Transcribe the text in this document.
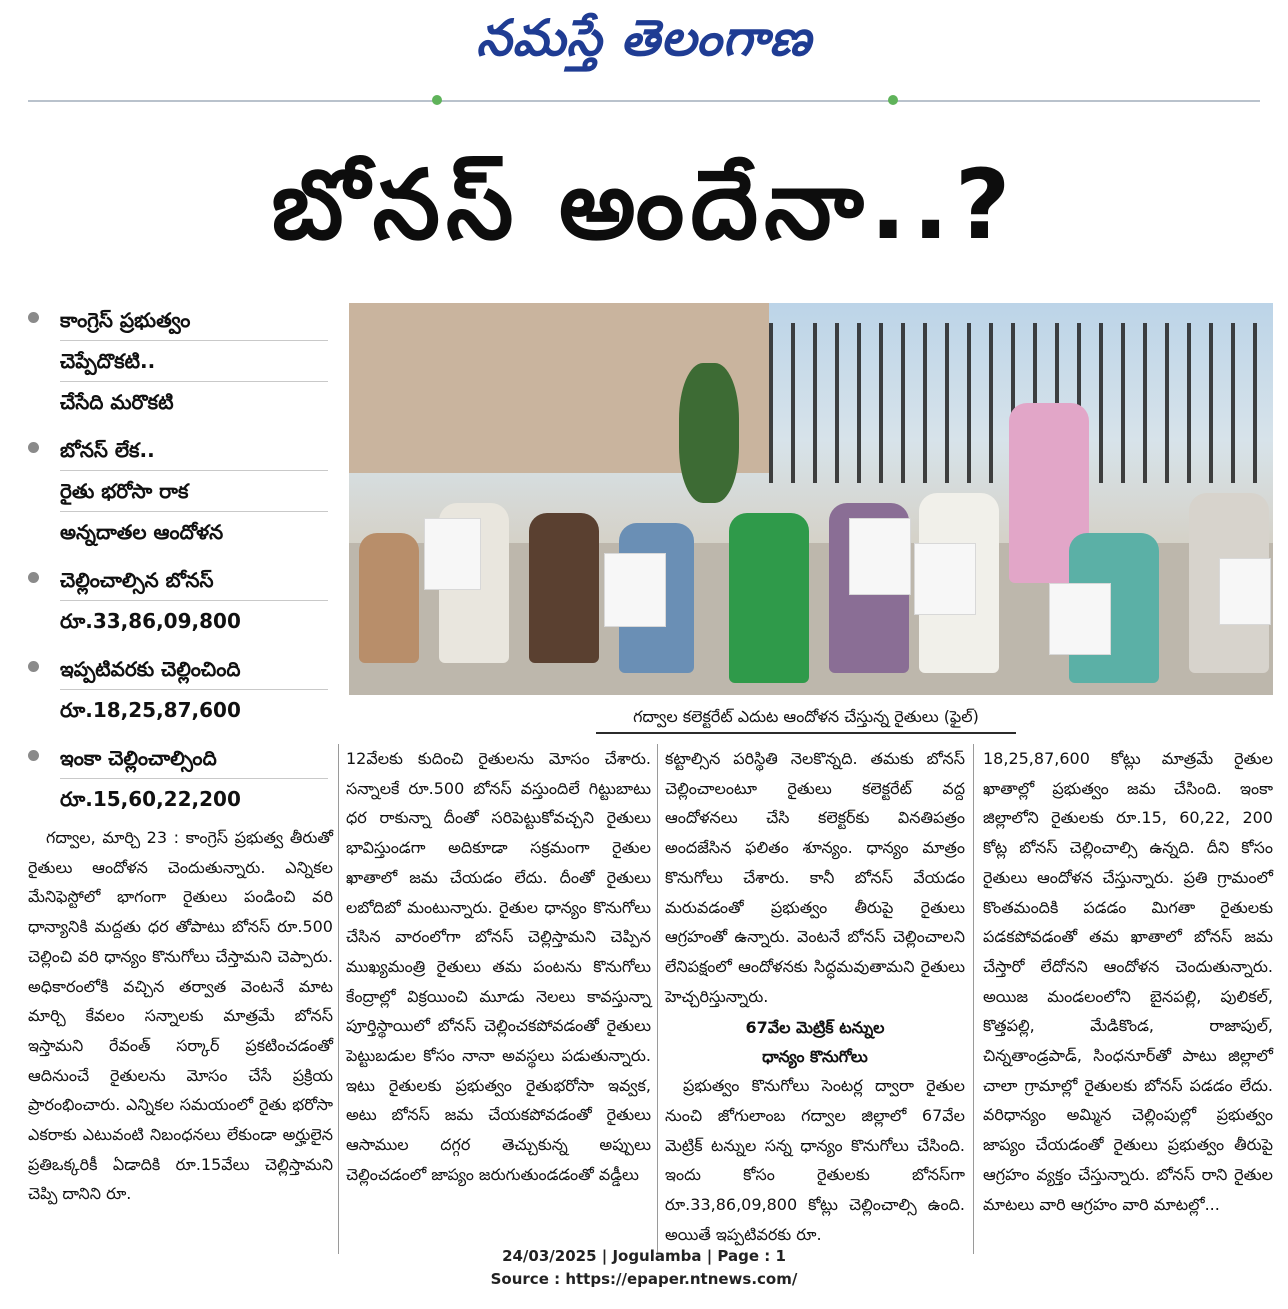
నమస్తే తెలంగాణ
బోనస్ అందేనా..?
కాంగ్రెస్ ప్రభుత్వం
చెప్పేదొకటి..
చేసేది మరొకటి
బోనస్ లేక..
రైతు భరోసా రాక
అన్నదాతల ఆందోళన
చెల్లించాల్సిన బోనస్
రూ.33,86,09,800
ఇప్పటివరకు చెల్లించింది
రూ.18,25,87,600
ఇంకా చెల్లించాల్సింది
రూ.15,60,22,200
గద్వాల కలెక్టరేట్ ఎదుట ఆందోళన చేస్తున్న రైతులు (ఫైల్)

గద్వాల, మార్చి 23 : కాంగ్రెస్ ప్రభుత్వ తీరుతో రైతులు ఆందోళన చెందుతున్నారు. ఎన్నికల మేనిఫెస్టోలో భాగంగా రైతులు పండించి వరి ధాన్యానికి మద్దతు ధర తోపాటు బోనస్ రూ.500 చెల్లించి వరి ధాన్యం కొనుగోలు చేస్తామని చెప్పారు. అధికారంలోకి వచ్చిన తర్వాత వెంటనే మాట మార్చి కేవలం సన్నాలకు మాత్రమే బోనస్ ఇస్తామని రేవంత్ సర్కార్ ప్రకటించడంతో ఆదినుంచే రైతులను మోసం చేసే ప్రక్రియ ప్రారంభించారు. ఎన్నికల సమయంలో రైతు భరోసా ఎకరాకు ఎటువంటి నిబంధనలు లేకుండా అర్హులైన ప్రతిఒక్కరికీ ఏడాదికి రూ.15వేలు చెల్లిస్తామని చెప్పి దానిని రూ.

12వేలకు కుదించి రైతులను మోసం చేశారు. సన్నాలకే రూ.500 బోనస్ వస్తుందిలే గిట్టుబాటు ధర రాకున్నా దీంతో సరిపెట్టుకోవచ్చని రైతులు భావిస్తుండగా అదికూడా సక్రమంగా రైతుల ఖాతాలో జమ చేయడం లేదు. దీంతో రైతులు లబోదిబో మంటున్నారు. రైతుల ధాన్యం కొనుగోలు చేసిన వారంలోగా బోనస్ చెల్లిస్తామని చెప్పిన ముఖ్యమంత్రి రైతులు తమ పంటను కొనుగోలు కేంద్రాల్లో విక్రయించి మూడు నెలలు కావస్తున్నా పూర్తిస్థాయిలో బోనస్ చెల్లించకపోవడంతో రైతులు పెట్టుబడుల కోసం నానా అవస్థలు పడుతున్నారు. ఇటు రైతులకు ప్రభుత్వం రైతుభరోసా ఇవ్వక, అటు బోనస్ జమ చేయకపోవడంతో రైతులు ఆసాముల దగ్గర తెచ్చుకున్న అప్పులు చెల్లించడంలో జాప్యం జరుగుతుండడంతో వడ్డీలు

కట్టాల్సిన పరిస్థితి నెలకొన్నది. తమకు బోనస్ చెల్లించాలంటూ రైతులు కలెక్టరేట్ వద్ద ఆందోళనలు చేసి కలెక్టర్‌కు వినతిపత్రం అందజేసిన ఫలితం శూన్యం. ధాన్యం మాత్రం కొనుగోలు చేశారు. కానీ బోనస్ వేయడం మరువడంతో ప్రభుత్వం తీరుపై రైతులు ఆగ్రహంతో ఉన్నారు. వెంటనే బోనస్ చెల్లించాలని లేనిపక్షంలో ఆందోళనకు సిద్ధమవుతామని రైతులు హెచ్చరిస్తున్నారు.

67వేల మెట్రిక్ టన్నుల
ధాన్యం కొనుగోలు

ప్రభుత్వం కొనుగోలు సెంటర్ల ద్వారా రైతుల నుంచి జోగులాంబ గద్వాల జిల్లాలో 67వేల మెట్రిక్ టన్నుల సన్న ధాన్యం కొనుగోలు చేసింది. ఇందు కోసం రైతులకు బోనస్‌గా రూ.33,86,09,800 కోట్లు చెల్లించాల్సి ఉంది. అయితే ఇప్పటివరకు రూ.

18,25,87,600 కోట్లు మాత్రమే రైతుల ఖాతాల్లో ప్రభుత్వం జమ చేసింది. ఇంకా జిల్లాలోని రైతులకు రూ.15, 60,22, 200 కోట్ల బోనస్ చెల్లించాల్సి ఉన్నది. దీని కోసం రైతులు ఆందోళన చేస్తున్నారు. ప్రతి గ్రామంలో కొంతమందికి పడడం మిగతా రైతులకు పడకపోవడంతో తమ ఖాతాలో బోనస్ జమ చేస్తారో లేదోనని ఆందోళన చెందుతున్నారు. అయిజ మండలంలోని బైనపల్లి, పులికల్, కొత్తపల్లి, మేడికొండ, రాజాపుల్, చిన్నతాండ్రపాడ్, సింధనూర్‌తో పాటు జిల్లాలో చాలా గ్రామాల్లో రైతులకు బోనస్ పడడం లేదు. వరిధాన్యం అమ్మిన చెల్లింపుల్లో ప్రభుత్వం జాప్యం చేయడంతో రైతులు ప్రభుత్వం తీరుపై ఆగ్రహం వ్యక్తం చేస్తున్నారు. బోనస్ రాని రైతుల మాటలు వారి ఆగ్రహం వారి మాటల్లో...

24/03/2025 | Jogulamba | Page : 1
Source : https://epaper.ntnews.com/
